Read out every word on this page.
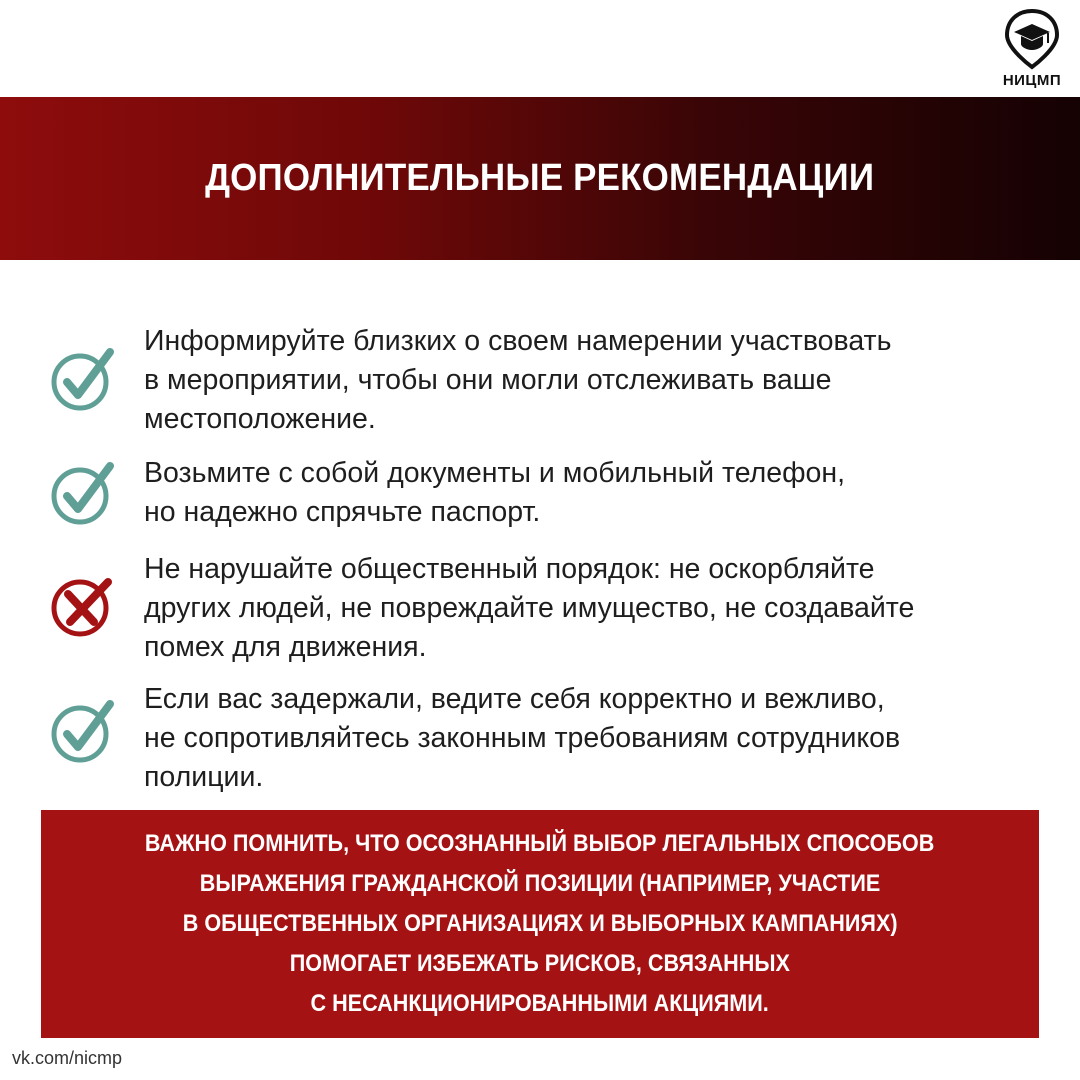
НИЦМП
ДОПОЛНИТЕЛЬНЫЕ РЕКОМЕНДАЦИИ
Информируйте близких о своем намерении участвовать
в мероприятии, чтобы они могли отслеживать ваше
местоположение.
Возьмите с собой документы и мобильный телефон,
но надежно спрячьте паспорт.
Не нарушайте общественный порядок: не оскорбляйте
других людей, не повреждайте имущество, не создавайте
помех для движения.
Если вас задержали, ведите себя корректно и вежливо,
не сопротивляйтесь законным требованиям сотрудников
полиции.
ВАЖНО ПОМНИТЬ, ЧТО ОСОЗНАННЫЙ ВЫБОР ЛЕГАЛЬНЫХ СПОСОБОВ
ВЫРАЖЕНИЯ ГРАЖДАНСКОЙ ПОЗИЦИИ (НАПРИМЕР, УЧАСТИЕ
В ОБЩЕСТВЕННЫХ ОРГАНИЗАЦИЯХ И ВЫБОРНЫХ КАМПАНИЯХ)
ПОМОГАЕТ ИЗБЕЖАТЬ РИСКОВ, СВЯЗАННЫХ
С НЕСАНКЦИОНИРОВАННЫМИ АКЦИЯМИ.
vk.com/nicmp
